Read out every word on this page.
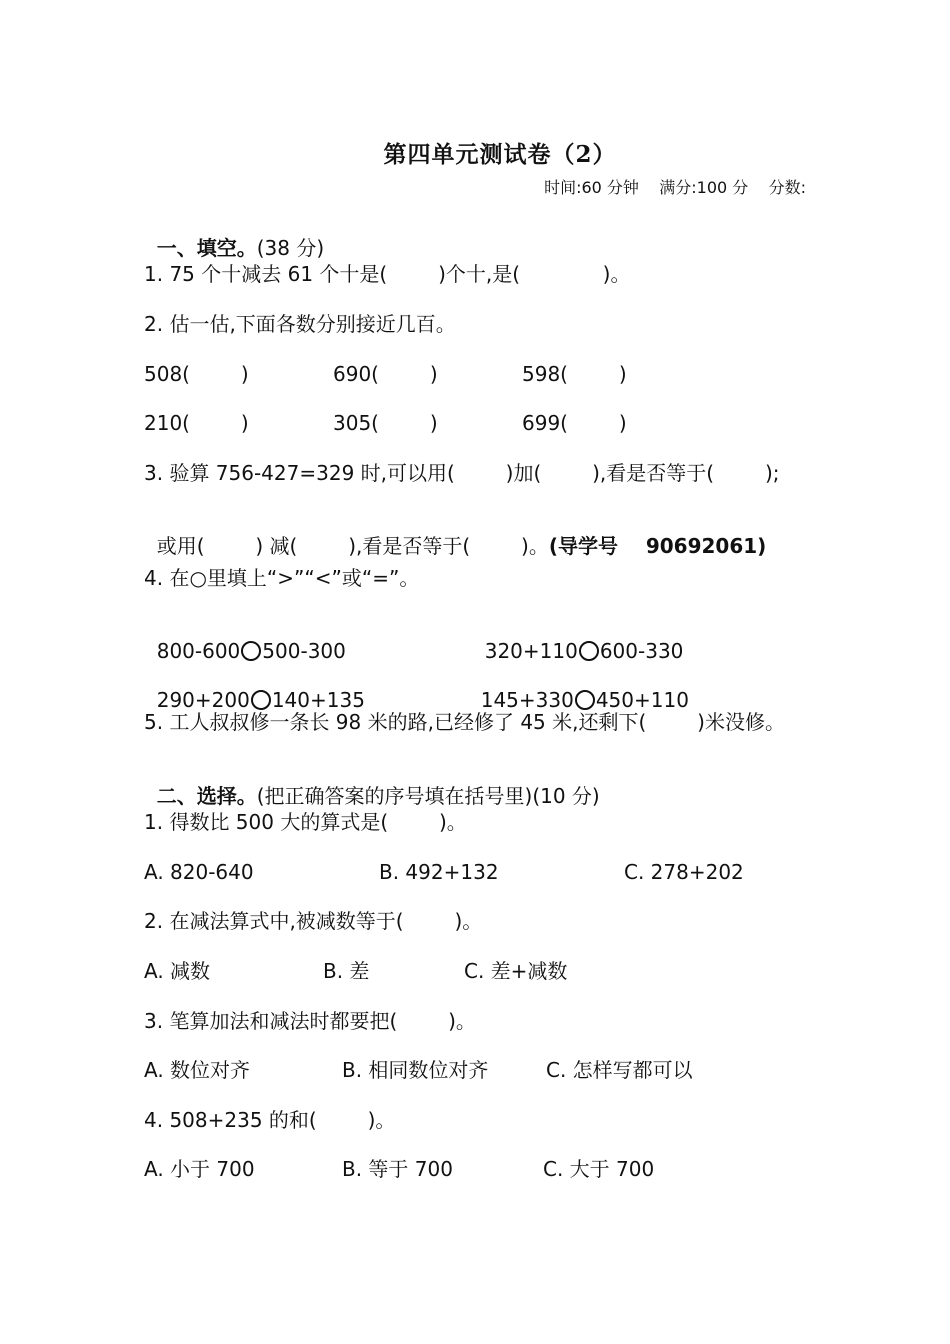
第四单元测试卷（2）
时间:60 分钟    满分:100 分    分数:

一、填空。(38 分)

1. 75 个十减去 61 个十是(        )个十,是(             )。
2. 估一估,下面各数分别接近几百。
508(        )	690(        )	598(        )
210(        )	305(        )	699(        )
3. 验算 756-427=329 时,可以用(        )加(        ),看是否等于(        );

或用(        ) 减(        ),看是否等于(        )。(导学号    90692061)

4. 在○里填上“>”“<”或“=”。

800-600 500-300	320+110 600-330

290+200 140+135	145+330 450+110

5. 工人叔叔修一条长 98 米的路,已经修了 45 米,还剩下(        )米没修。

二、选择。(把正确答案的序号填在括号里)(10 分)

1. 得数比 500 大的算式是(        )。
A. 820-640	B. 492+132	C. 278+202
2. 在减法算式中,被减数等于(        )。
A. 减数	B. 差	C. 差+减数
3. 笔算加法和减法时都要把(        )。
A. 数位对齐	B. 相同数位对齐	C. 怎样写都可以
4. 508+235 的和(        )。
A. 小于 700	B. 等于 700	C. 大于 700
